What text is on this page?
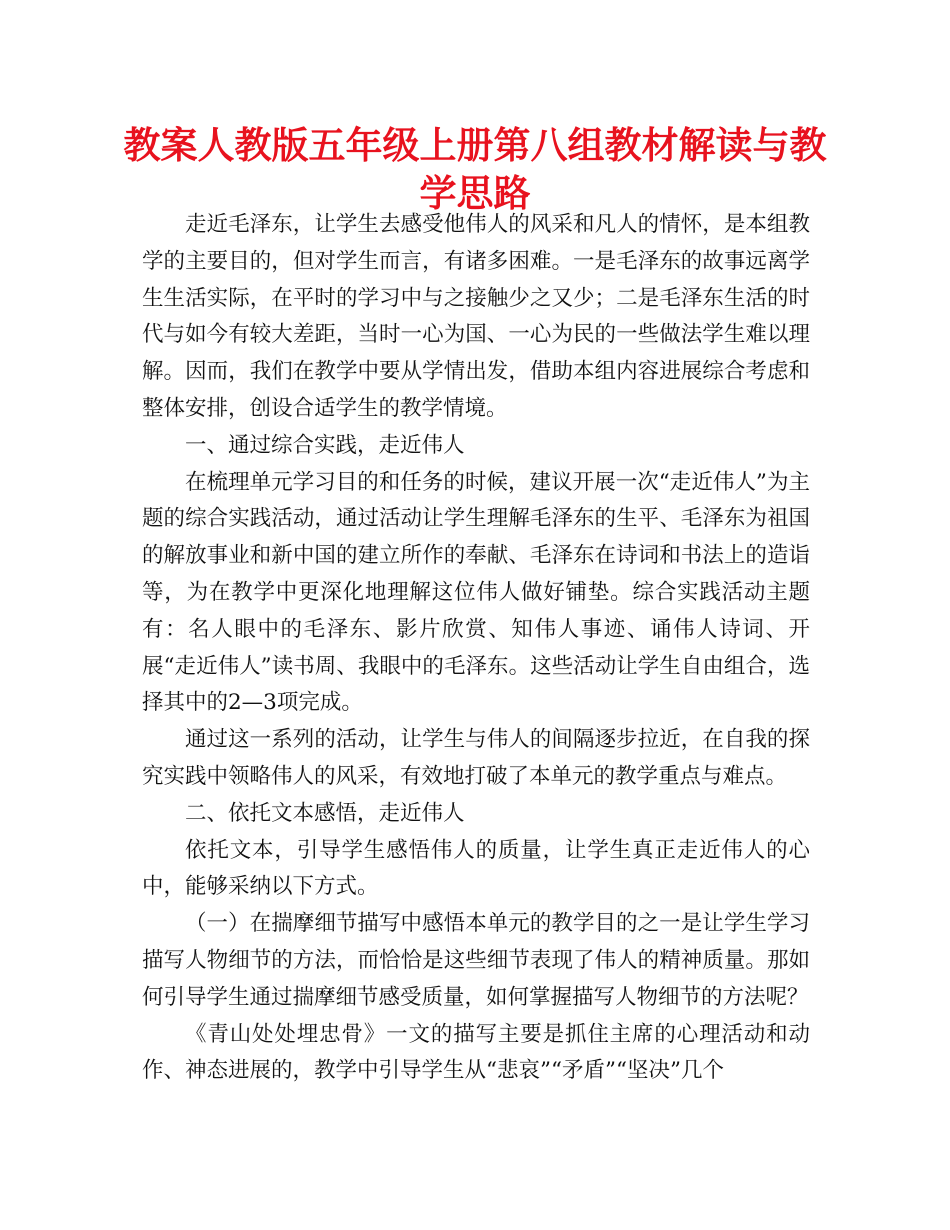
教案人教版五年级上册第八组教材解读与教学思路

走近毛泽东，让学生去感受他伟人的风采和凡人的情怀，是本组教学的主要目的，但对学生而言，有诸多困难。一是毛泽东的故事远离学生生活实际，在平时的学习中与之接触少之又少；二是毛泽东生活的时代与如今有较大差距，当时一心为国、一心为民的一些做法学生难以理解。因而，我们在教学中要从学情出发，借助本组内容进展综合考虑和整体安排，创设合适学生的教学情境。

一、通过综合实践，走近伟人

在梳理单元学习目的和任务的时候，建议开展一次“走近伟人”为主题的综合实践活动，通过活动让学生理解毛泽东的生平、毛泽东为祖国的解放事业和新中国的建立所作的奉献、毛泽东在诗词和书法上的造诣等，为在教学中更深化地理解这位伟人做好铺垫。综合实践活动主题有：名人眼中的毛泽东、影片欣赏、知伟人事迹、诵伟人诗词、开展“走近伟人”读书周、我眼中的毛泽东。这些活动让学生自由组合，选择其中的2—3项完成。

通过这一系列的活动，让学生与伟人的间隔逐步拉近，在自我的探究实践中领略伟人的风采，有效地打破了本单元的教学重点与难点。

二、依托文本感悟，走近伟人

依托文本，引导学生感悟伟人的质量，让学生真正走近伟人的心中，能够采纳以下方式。

（一）在揣摩细节描写中感悟本单元的教学目的之一是让学生学习描写人物细节的方法，而恰恰是这些细节表现了伟人的精神质量。那如何引导学生通过揣摩细节感受质量，如何掌握描写人物细节的方法呢？

《青山处处埋忠骨》一文的描写主要是抓住主席的心理活动和动作、神态进展的，教学中引导学生从“悲哀”“矛盾”“坚决”几个
